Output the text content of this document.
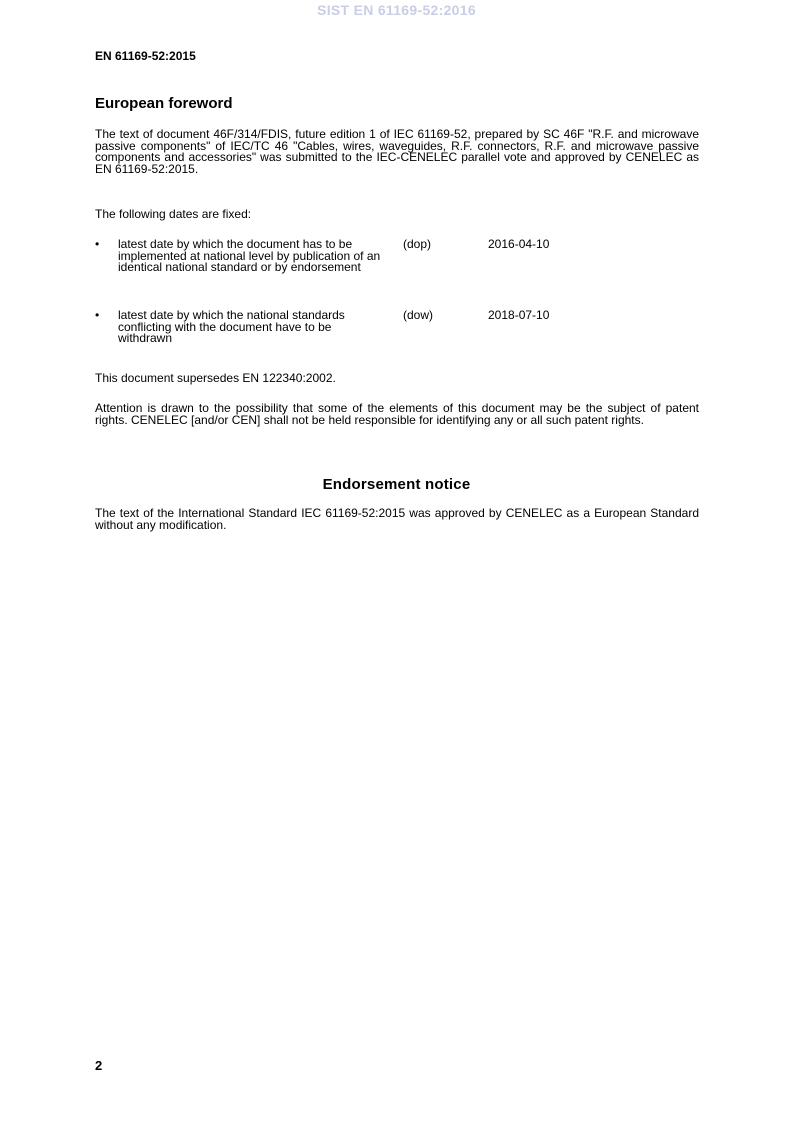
SIST EN 61169-52:2016
EN 61169-52:2015
European foreword
The text of document 46F/314/FDIS, future edition 1 of IEC 61169-52, prepared by SC 46F "R.F. and microwave passive components" of IEC/TC 46 "Cables, wires, waveguides, R.F. connectors, R.F. and microwave passive components and accessories" was submitted to the IEC-CENELEC parallel vote and approved by CENELEC as EN 61169-52:2015.
The following dates are fixed:
• latest date by which the document has to be implemented at national level by publication of an identical national standard or by endorsement
(dop)	2016-04-10
• latest date by which the national standards conflicting with the document have to be withdrawn
(dow)	2018-07-10
This document supersedes EN 122340:2002.
Attention is drawn to the possibility that some of the elements of this document may be the subject of patent rights. CENELEC [and/or CEN] shall not be held responsible for identifying any or all such patent rights.
Endorsement notice
The text of the International Standard IEC 61169-52:2015 was approved by CENELEC as a European Standard without any modification.
2
